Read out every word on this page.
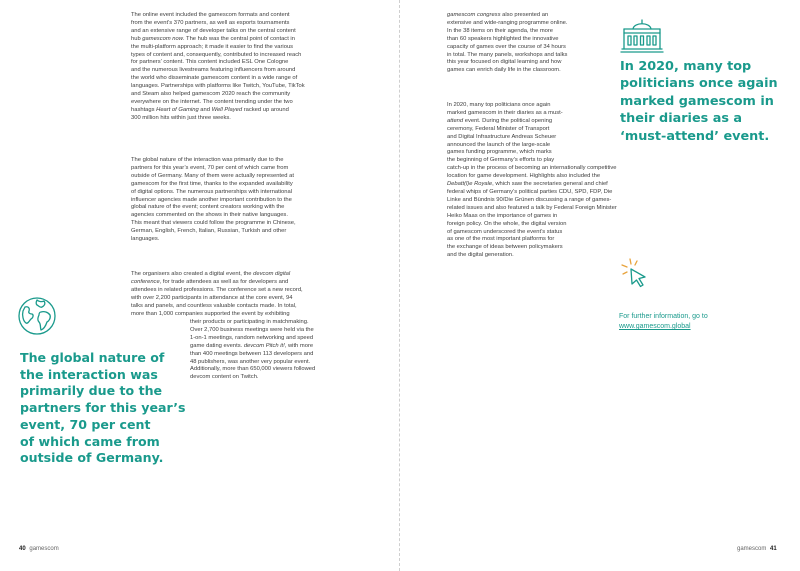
The online event included the gamescom formats and content
from the event’s 370 partners, as well as esports tournaments
and an extensive range of developer talks on the central content
hub gamescom now. The hub was the central point of contact in
the multi-platform approach; it made it easier to find the various
types of content and, consequently, contributed to increased reach
for partners’ content. This content included ESL One Cologne
and the numerous livestreams featuring influencers from around
the world who disseminate gamescom content in a wide range of
languages. Partnerships with platforms like Twitch, YouTube, TikTok
and Steam also helped gamescom 2020 reach the community
everywhere on the internet. The content trending under the two
hashtags Heart of Gaming and Well Played racked up around
300 million hits within just three weeks.

The global nature of the interaction was primarily due to the
partners for this year’s event, 70 per cent of which came from
outside of Germany. Many of them were actually represented at
gamescom for the first time, thanks to the expanded availability
of digital options. The numerous partnerships with international
influencer agencies made another important contribution to the
global nature of the event; content creators working with the
agencies commented on the shows in their native languages.
This meant that viewers could follow the programme in Chinese,
German, English, French, Italian, Russian, Turkish and other
languages.

The organisers also created a digital event, the devcom digital
conference, for trade attendees as well as for developers and
attendees in related professions. The conference set a new record,
with over 2,200 participants in attendance at the core event, 94
talks and panels, and countless valuable contacts made. In total,
more than 1,000 companies supported the event by exhibiting

their products or participating in matchmaking.
Over 2,700 business meetings were held via the
1-on-1 meetings, random networking and speed
game dating events. devcom Pitch it!, with more
than 400 meetings between 113 developers and
48 publishers, was another very popular event.
Additionally, more than 650,000 viewers followed
devcom content on Twitch.

The global nature of
the interaction was
primarily due to the
partners for this year’s
event, 70 per cent
of which came from
outside of Germany.
40 gamescom

gamescom congress also presented an
extensive and wide-ranging programme online.
In the 38 items on their agenda, the more
than 60 speakers highlighted the innovative
capacity of games over the course of 34 hours
in total. The many panels, workshops and talks
this year focused on digital learning and how
games can enrich daily life in the classroom.

In 2020, many top politicians once again
marked gamescom in their diaries as a must-
attend event. During the political opening
ceremony, Federal Minister of Transport
and Digital Infrastructure Andreas Scheuer
announced the launch of the large-scale
games funding programme, which marks
the beginning of Germany’s efforts to play
catch-up in the process of becoming an internationally competitive
location for game development. Highlights also included the
Debatt(l)e Royale, which saw the secretaries general and chief
federal whips of Germany’s political parties CDU, SPD, FDP, Die
Linke and Bündnis 90/Die Grünen discussing a range of games-
related issues and also featured a talk by Federal Foreign Minister
Heiko Maas on the importance of games in
foreign policy. On the whole, the digital version
of gamescom underscored the event’s status
as one of the most important platforms for
the exchange of ideas between policymakers
and the digital generation.

In 2020, many top
politicians once again
marked gamescom in
their diaries as a
‘must-attend’ event.
For further information, go to
www.gamescom.global
gamescom 41
